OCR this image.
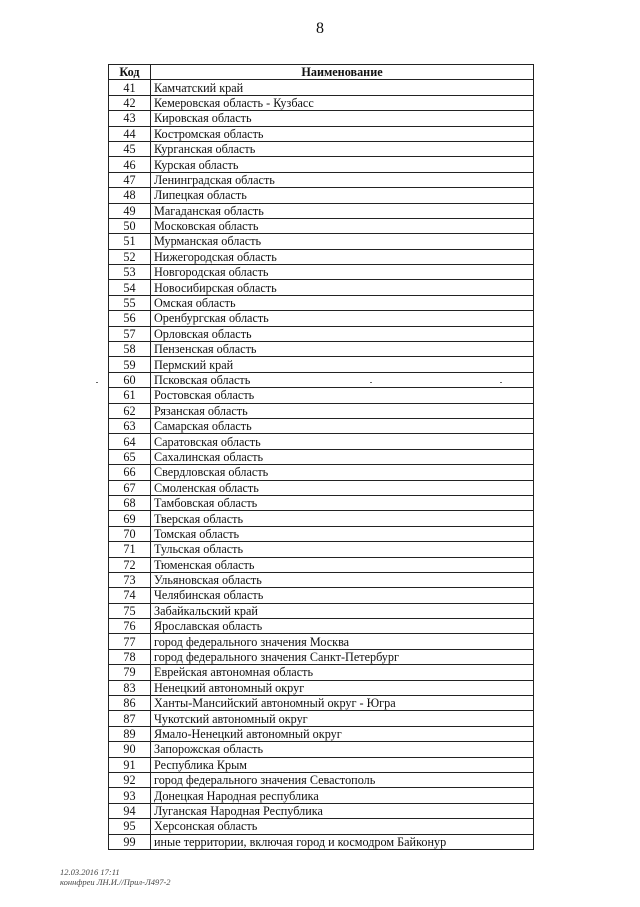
8
Код	Наименование
41	Камчатский край
42	Кемеровская область - Кузбасс
43	Кировская область
44	Костромская область
45	Курганская область
46	Курская область
47	Ленинградская область
48	Липецкая область
49	Магаданская область
50	Московская область
51	Мурманская область
52	Нижегородская область
53	Новгородская область
54	Новосибирская область
55	Омская область
56	Оренбургская область
57	Орловская область
58	Пензенская область
59	Пермский край
60	Псковская область
61	Ростовская область
62	Рязанская область
63	Самарская область
64	Саратовская область
65	Сахалинская область
66	Свердловская область
67	Смоленская область
68	Тамбовская область
69	Тверская область
70	Томская область
71	Тульская область
72	Тюменская область
73	Ульяновская область
74	Челябинская область
75	Забайкальский край
76	Ярославская область
77	город федерального значения Москва
78	город федерального значения Санкт-Петербург
79	Еврейская автономная область
83	Ненецкий автономный округ
86	Ханты-Мансийский автономный округ - Югра
87	Чукотский автономный округ
89	Ямало-Ненецкий автономный округ
90	Запорожская область
91	Республика Крым
92	город федерального значения Севастополь
93	Донецкая Народная республика
94	Луганская Народная Республика
95	Херсонская область
99	иные территории, включая город и космодром Байконур
12.03.2016 17:11
коннфреи ЛН.И.//Прил-Л497-2
